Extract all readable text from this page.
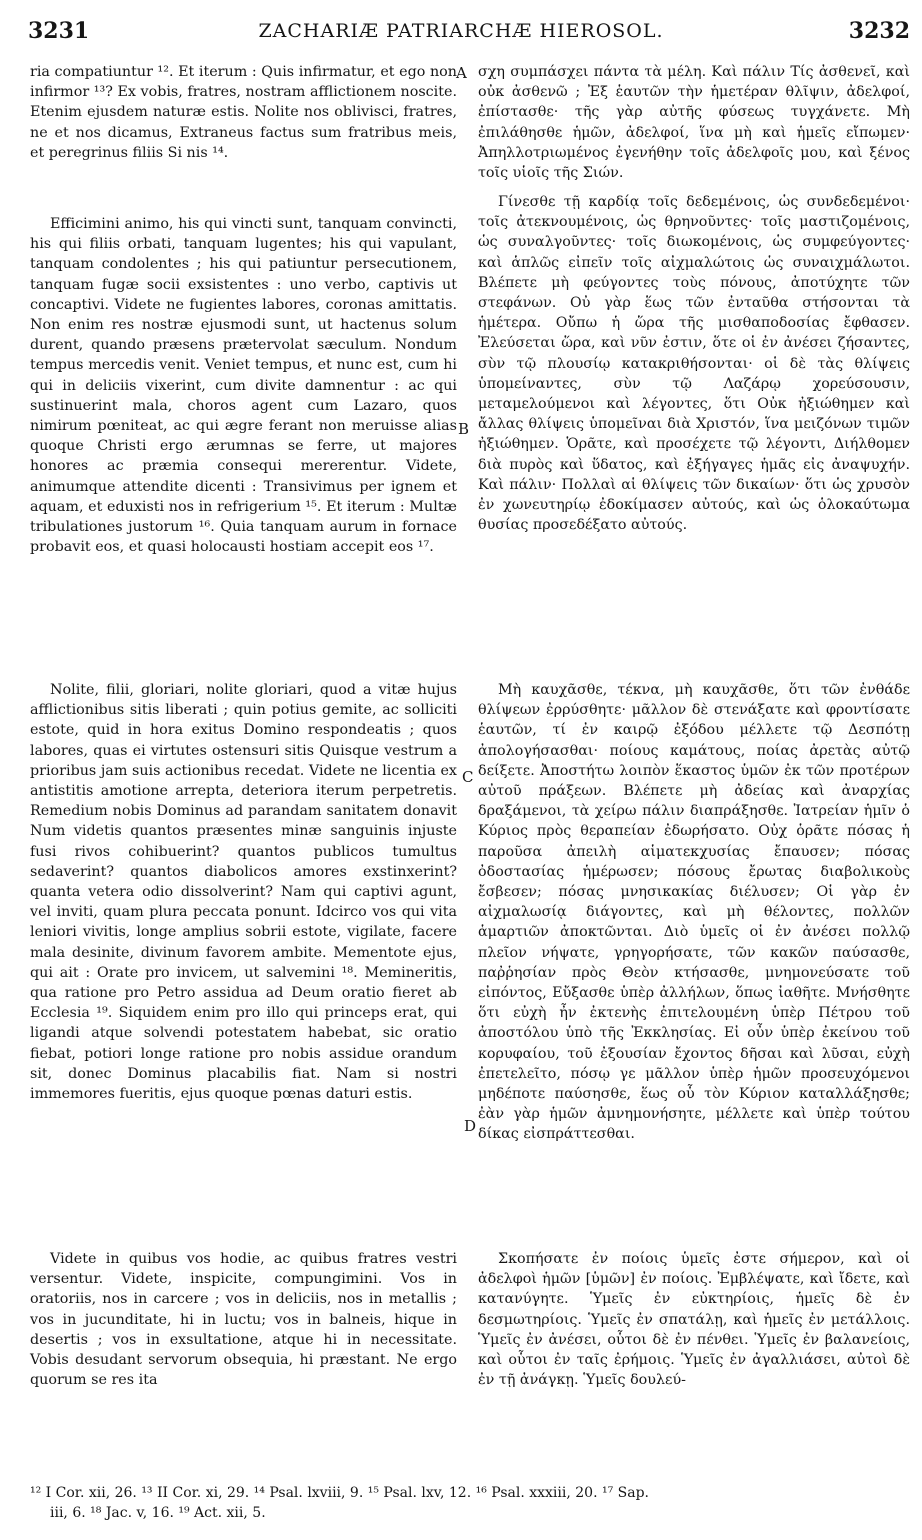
3231	ZACHARIÆ PATRIARCHÆ HIEROSOL.	3232

ria compatiuntur ¹². Et iterum : Quis infirmatur, et ego non infirmor ¹³? Ex vobis, fratres, nostram afflictionem noscite. Etenim ejusdem naturæ estis. Nolite nos oblivisci, fratres, ne et nos dicamus, Extraneus factus sum fratribus meis, et peregrinus filiis Si nis ¹⁴.

Efficimini animo, his qui vincti sunt, tanquam convincti, his qui filiis orbati, tanquam lugentes; his qui vapulant, tanquam condolentes ; his qui patiuntur persecutionem, tanquam fugæ socii exsistentes : uno verbo, captivis ut concaptivi. Videte ne fugientes labores, coronas amittatis. Non enim res nostræ ejusmodi sunt, ut hactenus solum durent, quando præsens prætervolat sæculum. Nondum tempus mercedis venit. Veniet tempus, et nunc est, cum hi qui in deliciis vixerint, cum divite damnentur : ac qui sustinuerint mala, choros agent cum Lazaro, quos nimirum pœniteat, ac qui ægre ferant non meruisse alias quoque Christi ergo ærumnas se ferre, ut majores honores ac præmia consequi mererentur. Videte, animumque attendite dicenti : Transivimus per ignem et aquam, et eduxisti nos in refrigerium ¹⁵. Et iterum : Multæ tribulationes justorum ¹⁶. Quia tanquam aurum in fornace probavit eos, et quasi holocausti hostiam accepit eos ¹⁷.

Nolite, filii, gloriari, nolite gloriari, quod a vitæ hujus afflictionibus sitis liberati ; quin potius gemite, ac solliciti estote, quid in hora exitus Domino respondeatis ; quos labores, quas ei virtutes ostensuri sitis Quisque vestrum a prioribus jam suis actionibus recedat. Videte ne licentia ex antistitis amotione arrepta, deteriora iterum perpetretis. Remedium nobis Dominus ad parandam sanitatem donavit Num videtis quantos præsentes minæ sanguinis injuste fusi rivos cohibuerint? quantos publicos tumultus sedaverint? quantos diabolicos amores exstinxerint? quanta vetera odio dissolverint? Nam qui captivi agunt, vel inviti, quam plura peccata ponunt. Idcirco vos qui vita leniori vivitis, longe amplius sobrii estote, vigilate, facere mala desinite, divinum favorem ambite. Mementote ejus, qui ait : Orate pro invicem, ut salvemini ¹⁸. Memineritis, qua ratione pro Petro assidua ad Deum oratio fieret ab Ecclesia ¹⁹. Siquidem enim pro illo qui princeps erat, qui ligandi atque solvendi potestatem habebat, sic oratio fiebat, potiori longe ratione pro nobis assidue orandum sit, donec Dominus placabilis fiat. Nam si nostri immemores fueritis, ejus quoque pœnas daturi estis.

Videte in quibus vos hodie, ac quibus fratres vestri versentur. Videte, inspicite, compungimini. Vos in oratoriis, nos in carcere ; vos in deliciis, nos in metallis ; vos in jucunditate, hi in luctu; vos in balneis, hique in desertis ; vos in exsultatione, atque hi in necessitate. Vobis desudant servorum obsequia, hi præstant. Ne ergo quorum se res ita

σχη συμπάσχει πάντα τὰ μέλη. Καὶ πάλιν Τίς ἀσθενεῖ, καὶ οὐκ ἀσθενῶ ; Ἐξ ἑαυτῶν τὴν ἡμετέραν θλῖψιν, ἀδελφοί, ἐπίστασθε· τῆς γὰρ αὐτῆς φύσεως τυγχάνετε. Μὴ ἐπιλάθησθε ἡμῶν, ἀδελφοί, ἵνα μὴ καὶ ἡμεῖς εἴπωμεν· Ἀπηλλοτριωμένος ἐγενήθην τοῖς ἀδελφοῖς μου, καὶ ξένος τοῖς υἱοῖς τῆς Σιών.

Γίνεσθε τῇ καρδίᾳ τοῖς δεδεμένοις, ὡς συνδεδεμένοι· τοῖς ἀτεκνουμένοις, ὡς θρηνοῦντες· τοῖς μαστιζομένοις, ὡς συναλγοῦντες· τοῖς διωκομένοις, ὡς συμφεύγοντες· καὶ ἁπλῶς εἰπεῖν τοῖς αἰχμαλώτοις ὡς συναιχμάλωτοι. Βλέπετε μὴ φεύγοντες τοὺς πόνους, ἀποτύχητε τῶν στεφάνων. Οὐ γὰρ ἕως τῶν ἐνταῦθα στήσονται τὰ ἡμέτερα. Οὔπω ἡ ὥρα τῆς μισθαποδοσίας ἔφθασεν. Ἐλεύσεται ὥρα, καὶ νῦν ἐστιν, ὅτε οἱ ἐν ἀνέσει ζήσαντες, σὺν τῷ πλουσίῳ κατακριθήσονται· οἱ δὲ τὰς θλίψεις ὑπομείναντες, σὺν τῷ Λαζάρῳ χορεύσουσιν, μεταμελούμενοι καὶ λέγοντες, ὅτι Οὐκ ἠξιώθημεν καὶ ἄλλας θλίψεις ὑπομεῖναι διὰ Χριστόν, ἵνα μειζόνων τιμῶν ἠξιώθημεν. Ὁρᾶτε, καὶ προσέχετε τῷ λέγοντι, Διήλθομεν διὰ πυρὸς καὶ ὕδατος, καὶ ἐξήγαγες ἡμᾶς εἰς ἀναψυχήν. Καὶ πάλιν· Πολλαὶ αἱ θλίψεις τῶν δικαίων· ὅτι ὡς χρυσὸν ἐν χωνευτηρίῳ ἐδοκίμασεν αὐτούς, καὶ ὡς ὁλοκαύτωμα θυσίας προσεδέξατο αὐτούς.

Μὴ καυχᾶσθε, τέκνα, μὴ καυχᾶσθε, ὅτι τῶν ἐνθάδε θλίψεων ἐρρύσθητε· μᾶλλον δὲ στενάξατε καὶ φροντίσατε ἑαυτῶν, τί ἐν καιρῷ ἐξόδου μέλλετε τῷ Δεσπότῃ ἀπολογήσασθαι· ποίους καμάτους, ποίας ἀρετὰς αὐτῷ δείξετε. Ἀποστήτω λοιπὸν ἕκαστος ὑμῶν ἐκ τῶν προτέρων αὐτοῦ πράξεων. Βλέπετε μὴ ἀδείας καὶ ἀναρχίας δραξάμενοι, τὰ χείρω πάλιν διαπράξησθε. Ἰατρείαν ἡμῖν ὁ Κύριος πρὸς θεραπείαν ἐδωρήσατο. Οὐχ ὁρᾶτε πόσας ἡ παροῦσα ἀπειλὴ αἱματεκχυσίας ἔπαυσεν; πόσας ὀδοστασίας ἡμέρωσεν; πόσους ἔρωτας διαβολικοὺς ἔσβεσεν; πόσας μνησικακίας διέλυσεν; Οἱ γὰρ ἐν αἰχμαλωσίᾳ διάγοντες, καὶ μὴ θέλοντες, πολλῶν ἁμαρτιῶν ἀποκτῶνται. Διὸ ὑμεῖς οἱ ἐν ἀνέσει πολλῷ πλεῖον νήψατε, γρηγορήσατε, τῶν κακῶν παύσασθε, παῤῥησίαν πρὸς Θεὸν κτήσασθε, μνημονεύσατε τοῦ εἰπόντος, Εὔξασθε ὑπὲρ ἀλλήλων, ὅπως ἰαθῆτε. Μνήσθητε ὅτι εὐχὴ ἦν ἐκτενὴς ἐπιτελουμένη ὑπὲρ Πέτρου τοῦ ἀποστόλου ὑπὸ τῆς Ἐκκλησίας. Εἰ οὖν ὑπὲρ ἐκείνου τοῦ κορυφαίου, τοῦ ἐξουσίαν ἔχοντος δῆσαι καὶ λῦσαι, εὐχὴ ἐπετελεῖτο, πόσῳ γε μᾶλλον ὑπὲρ ἡμῶν προσευχόμενοι μηδέποτε παύσησθε, ἕως οὗ τὸν Κύριον καταλλάξησθε; ἐὰν γὰρ ἡμῶν ἀμνημονήσητε, μέλλετε καὶ ὑπὲρ τούτου δίκας εἰσπράττεσθαι.

Σκοπήσατε ἐν ποίοις ὑμεῖς ἐστε σήμερον, καὶ οἱ ἀδελφοὶ ἡμῶν [ὑμῶν] ἐν ποίοις. Ἐμβλέψατε, καὶ ἴδετε, καὶ κατανύγητε. Ὑμεῖς ἐν εὐκτηρίοις, ἡμεῖς δὲ ἐν δεσμωτηρίοις. Ὑμεῖς ἐν σπατάλῃ, καὶ ἡμεῖς ἐν μετάλλοις. Ὑμεῖς ἐν ἀνέσει, οὗτοι δὲ ἐν πένθει. Ὑμεῖς ἐν βαλανείοις, καὶ οὗτοι ἐν ταῖς ἐρήμοις. Ὑμεῖς ἐν ἀγαλλιάσει, αὐτοὶ δὲ ἐν τῇ ἀνάγκῃ. Ὑμεῖς δουλεύ-

A
B
C
D

¹² I Cor. xii, 26. ¹³ II Cor. xi, 29. ¹⁴ Psal. lxviii, 9. ¹⁵ Psal. lxv, 12. ¹⁶ Psal. xxxiii, 20. ¹⁷ Sap.

iii, 6. ¹⁸ Jac. v, 16. ¹⁹ Act. xii, 5.
